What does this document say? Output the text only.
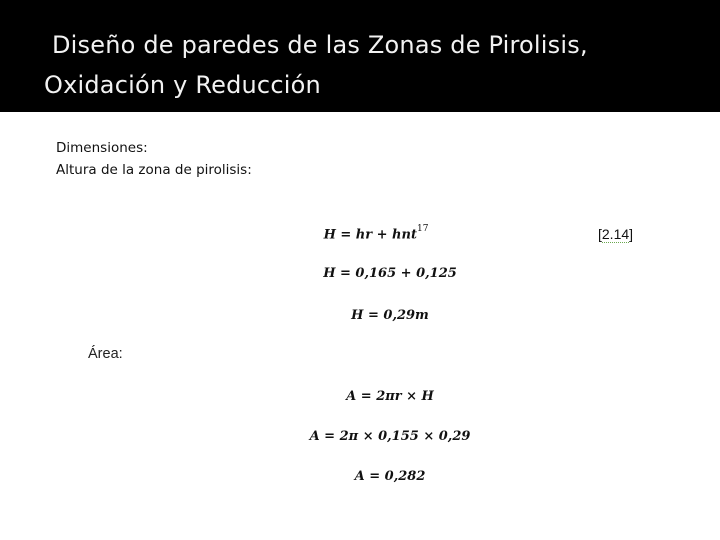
Diseño de paredes de las Zonas de Pirolisis,
Oxidación y Reducción
Dimensiones:
Altura de la zona de pirolisis:
H = hr + hnt$^{17}$	[2.14]
H = 0,165 + 0,125
H = 0,29m
Área:
A = 2πr × H
A = 2π × 0,155 × 0,29
A = 0,282
